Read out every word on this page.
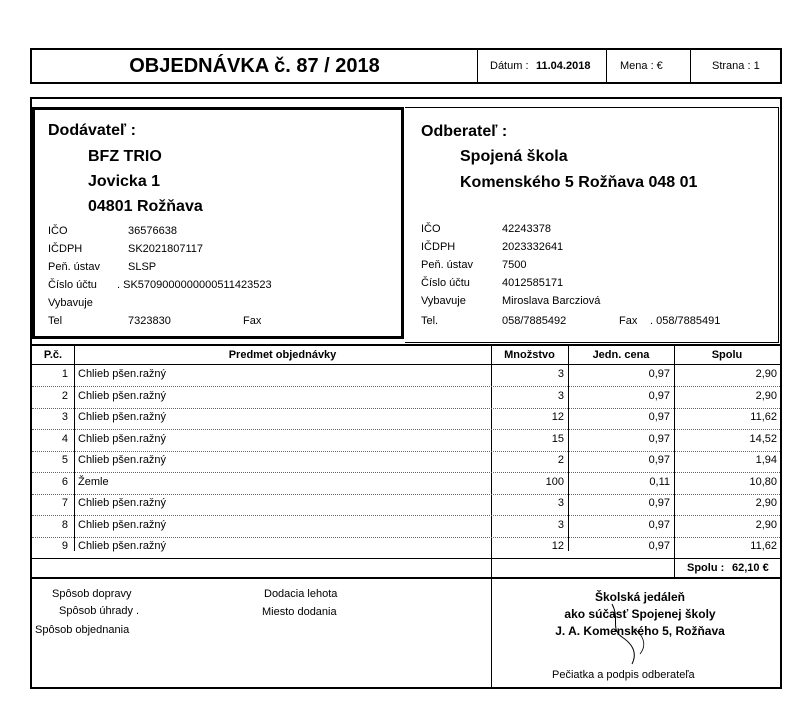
OBJEDNÁVKA č. 87 / 2018	Dátum : 11.04.2018	Mena : €	Strana : 1
Dodávateľ :
BFZ TRIO
Jovicka 1
04801 Rožňava
IČO	36576638
IČDPH	SK2021807117
Peň. ústav	SLSP
Číslo účtu . SK5709000000000511423523
Vybavuje
Tel	7323830	Fax
Odberateľ :
Spojená škola
Komenského 5 Rožňava 048 01
IČO	42243378
IČDPH	2023332641
Peň. ústav	7500
Číslo účtu	4012585171
Vybavuje	Miroslava Barcziová
Tel.	058/7885492	Fax . 058/7885491
P.č.	Predmet objednávky	Množstvo	Jedn. cena	Spolu
1 Chlieb pšen.ražný	3	0,97	2,90
2 Chlieb pšen.ražný	3	0,97	2,90
3 Chlieb pšen.ražný	12	0,97	11,62
4 Chlieb pšen.ražný	15	0,97	14,52
5 Chlieb pšen.ražný	2	0,97	1,94
6 Žemle	100	0,11	10,80
7 Chlieb pšen.ražný	3	0,97	2,90
8 Chlieb pšen.ražný	3	0,97	2,90
9 Chlieb pšen.ražný	12	0,97	11,62
Spolu : 62,10 €
Spôsob dopravy
Spôsob úhrady .
Spôsob objednania
Dodacia lehota
Miesto dodania
Školská jedáleň
ako súčasť Spojenej školy
J. A. Komenského 5, Rožňava
Pečiatka a podpis odberateľa
